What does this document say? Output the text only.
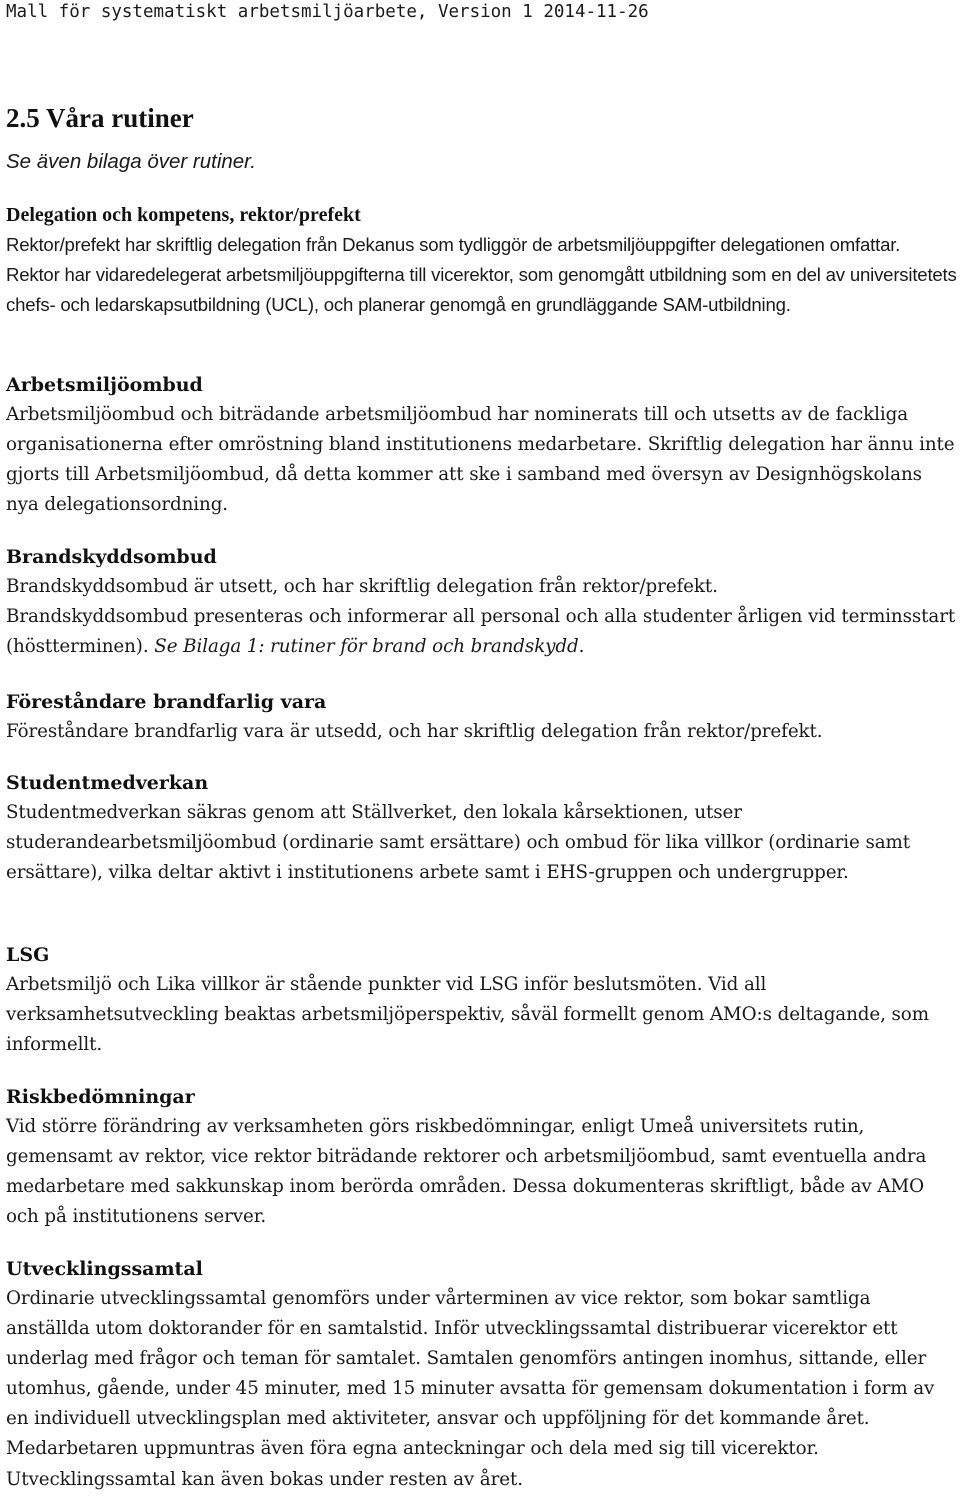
Mall för systematiskt arbetsmiljöarbete, Version 1 2014-11-26
2.5 Våra rutiner
Se även bilaga över rutiner.
Delegation och kompetens, rektor/prefekt

Rektor/prefekt har skriftlig delegation från Dekanus som tydliggör de arbetsmiljöuppgifter delegationen omfattar. Rektor har vidaredelegerat arbetsmiljöuppgifterna till vicerektor, som genomgått utbildning som en del av universitetets chefs- och ledarskapsutbildning (UCL), och planerar genomgå en grundläggande SAM-utbildning.

Arbetsmiljöombud

Arbetsmiljöombud och biträdande arbetsmiljöombud har nominerats till och utsetts av de fackliga organisationerna efter omröstning bland institutionens medarbetare. Skriftlig delegation har ännu inte gjorts till Arbetsmiljöombud, då detta kommer att ske i samband med översyn av Designhögskolans nya delegationsordning.

Brandskyddsombud

Brandskyddsombud är utsett, och har skriftlig delegation från rektor/prefekt.

Brandskyddsombud presenteras och informerar all personal och alla studenter årligen vid terminsstart (höstterminen). Se Bilaga 1: rutiner för brand och brandskydd.

Föreståndare brandfarlig vara

Föreståndare brandfarlig vara är utsedd, och har skriftlig delegation från rektor/prefekt.

Studentmedverkan

Studentmedverkan säkras genom att Ställverket, den lokala kårsektionen, utser studerandearbetsmiljöombud (ordinarie samt ersättare) och ombud för lika villkor (ordinarie samt ersättare), vilka deltar aktivt i institutionens arbete samt i EHS-gruppen och undergrupper.

LSG

Arbetsmiljö och Lika villkor är stående punkter vid LSG inför beslutsmöten. Vid all verksamhetsutveckling beaktas arbetsmiljöperspektiv, såväl formellt genom AMO:s deltagande, som informellt.

Riskbedömningar

Vid större förändring av verksamheten görs riskbedömningar, enligt Umeå universitets rutin, gemensamt av rektor, vice rektor biträdande rektorer och arbetsmiljöombud, samt eventuella andra medarbetare med sakkunskap inom berörda områden. Dessa dokumenteras skriftligt, både av AMO och på institutionens server.

Utvecklingssamtal

Ordinarie utvecklingssamtal genomförs under vårterminen av vice rektor, som bokar samtliga anställda utom doktorander för en samtalstid. Inför utvecklingssamtal distribuerar vicerektor ett underlag med frågor och teman för samtalet. Samtalen genomförs antingen inomhus, sittande, eller utomhus, gående, under 45 minuter, med 15 minuter avsatta för gemensam dokumentation i form av en individuell utvecklingsplan med aktiviteter, ansvar och uppföljning för det kommande året. Medarbetaren uppmuntras även föra egna anteckningar och dela med sig till vicerektor. Utvecklingssamtal kan även bokas under resten av året.
